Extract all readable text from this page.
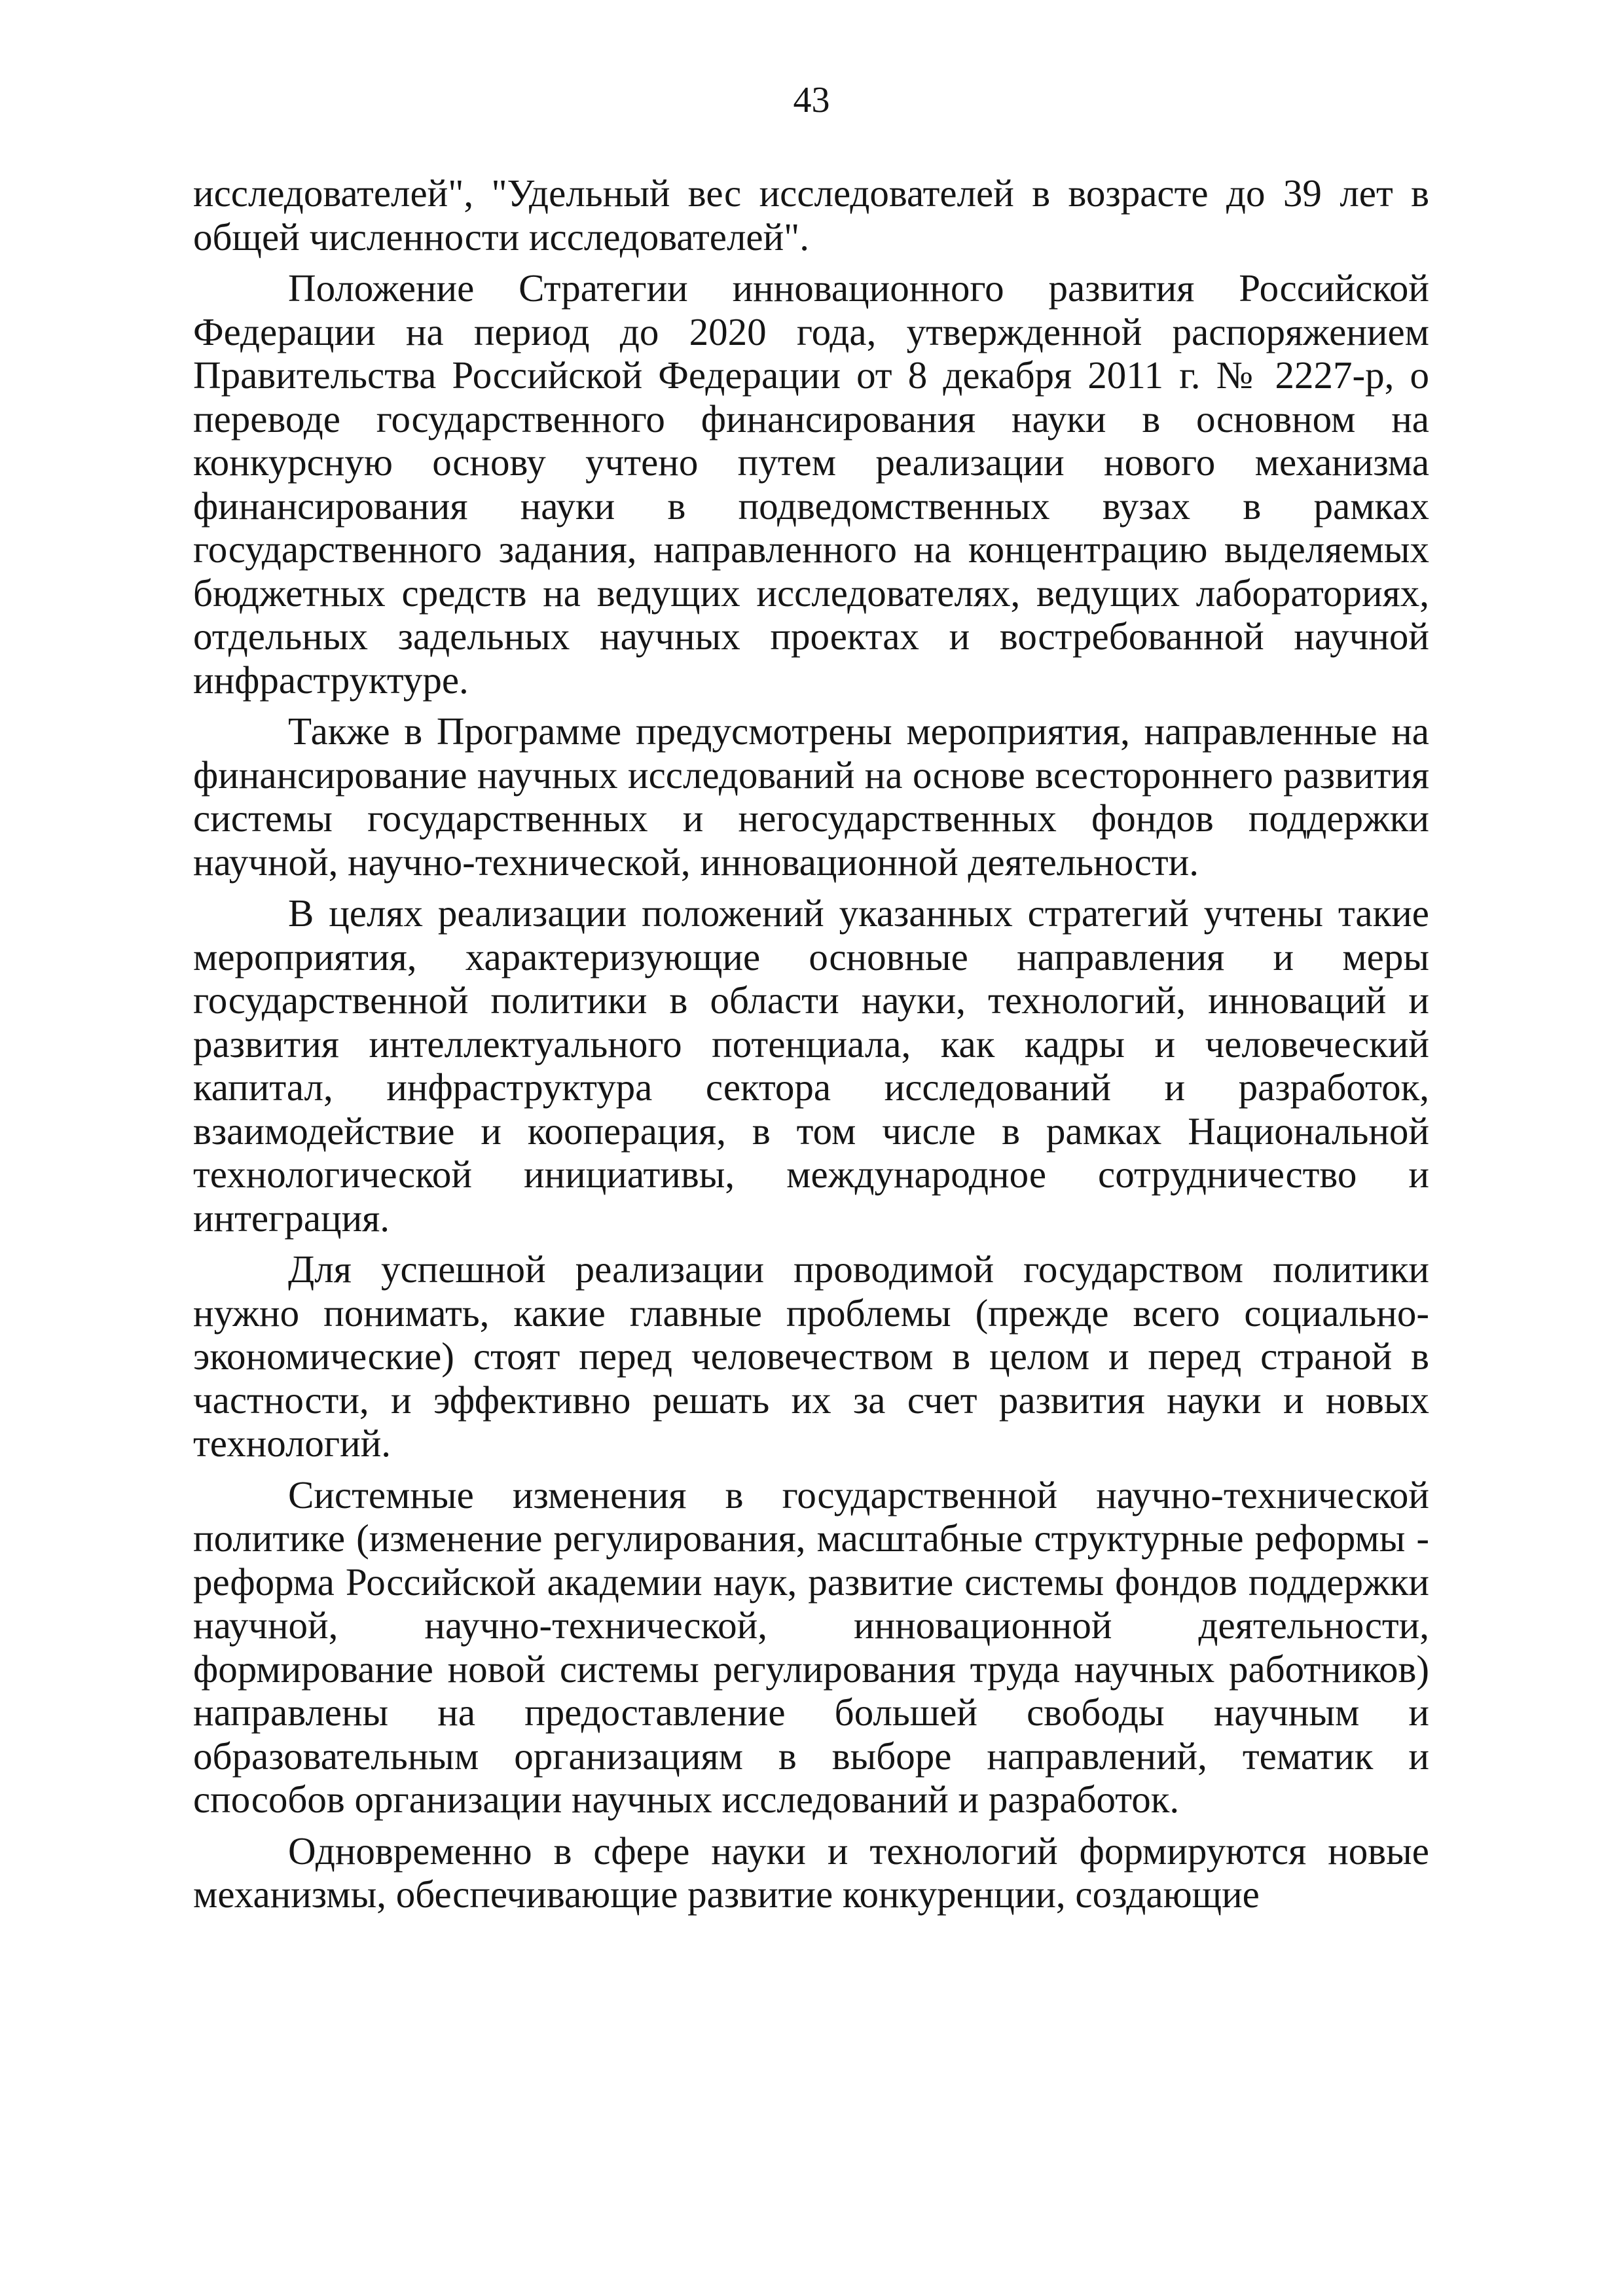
43

исследователей", "Удельный вес исследователей в возрасте до 39 лет в общей численности исследователей".

Положение Стратегии инновационного развития Российской Федерации на период до 2020 года, утвержденной распоряжением Правительства Российской Федерации от 8 декабря 2011 г. № 2227-р, о переводе государственного финансирования науки в основном на конкурсную основу учтено путем реализации нового механизма финансирования науки в подведомственных вузах в рамках государственного задания, направленного на концентрацию выделяемых бюджетных средств на ведущих исследователях, ведущих лабораториях, отдельных задельных научных проектах и востребованной научной инфраструктуре.

Также в Программе предусмотрены мероприятия, направленные на финансирование научных исследований на основе всестороннего развития системы государственных и негосударственных фондов поддержки научной, научно-технической, инновационной деятельности.

В целях реализации положений указанных стратегий учтены такие мероприятия, характеризующие основные направления и меры государственной политики в области науки, технологий, инноваций и развития интеллектуального потенциала, как кадры и человеческий капитал, инфраструктура сектора исследований и разработок, взаимодействие и кооперация, в том числе в рамках Национальной технологической инициативы, международное сотрудничество и интеграция.

Для успешной реализации проводимой государством политики нужно понимать, какие главные проблемы (прежде всего социально-экономические) стоят перед человечеством в целом и перед страной в частности, и эффективно решать их за счет развития науки и новых технологий.

Системные изменения в государственной научно-технической политике (изменение регулирования, масштабные структурные реформы - реформа Российской академии наук, развитие системы фондов поддержки научной, научно-технической, инновационной деятельности, формирование новой системы регулирования труда научных работников) направлены на предоставление большей свободы научным и образовательным организациям в выборе направлений, тематик и способов организации научных исследований и разработок.

Одновременно в сфере науки и технологий формируются новые механизмы, обеспечивающие развитие конкуренции, создающие
